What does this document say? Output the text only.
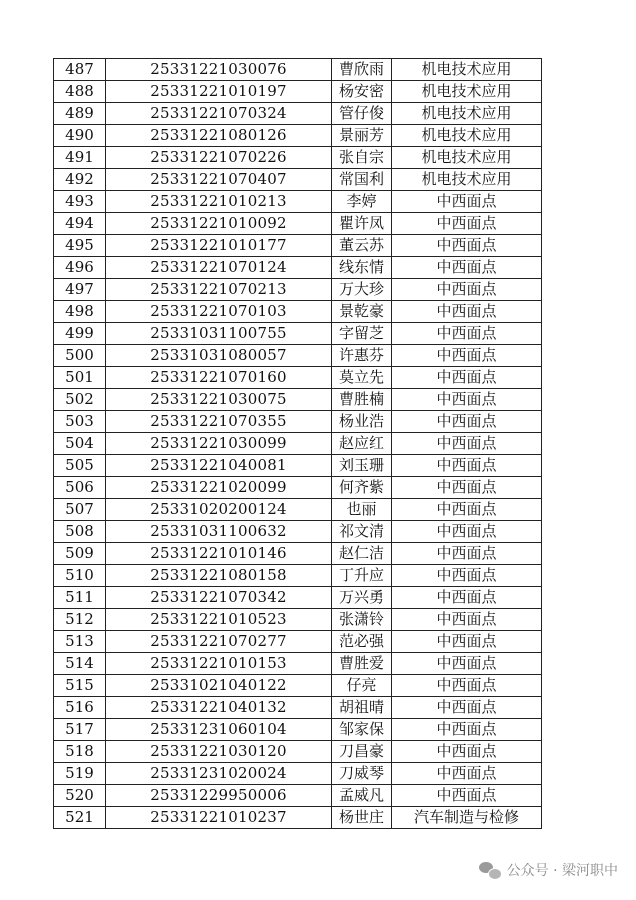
487	25331221030076	曹欣雨	机电技术应用
488	25331221010197	杨安密	机电技术应用
489	25331221070324	管仔俊	机电技术应用
490	25331221080126	景丽芳	机电技术应用
491	25331221070226	张自宗	机电技术应用
492	25331221070407	常国利	机电技术应用
493	25331221010213	李婷	中西面点
494	25331221010092	瞿许凤	中西面点
495	25331221010177	董云苏	中西面点
496	25331221070124	线东情	中西面点
497	25331221070213	万大珍	中西面点
498	25331221070103	景乾豪	中西面点
499	25331031100755	字留芝	中西面点
500	25331031080057	许惠芬	中西面点
501	25331221070160	莫立先	中西面点
502	25331221030075	曹胜楠	中西面点
503	25331221070355	杨业浩	中西面点
504	25331221030099	赵应红	中西面点
505	25331221040081	刘玉珊	中西面点
506	25331221020099	何齐紫	中西面点
507	25331020200124	也丽	中西面点
508	25331031100632	祁文清	中西面点
509	25331221010146	赵仁洁	中西面点
510	25331221080158	丁升应	中西面点
511	25331221070342	万兴勇	中西面点
512	25331221010523	张潇铃	中西面点
513	25331221070277	范必强	中西面点
514	25331221010153	曹胜爱	中西面点
515	25331021040122	仔亮	中西面点
516	25331221040132	胡祖晴	中西面点
517	25331231060104	邹家保	中西面点
518	25331221030120	刀昌豪	中西面点
519	25331231020024	刀威琴	中西面点
520	25331229950006	孟威凡	中西面点
521	25331221010237	杨世庄	汽车制造与检修
公众号 · 梁河职中
